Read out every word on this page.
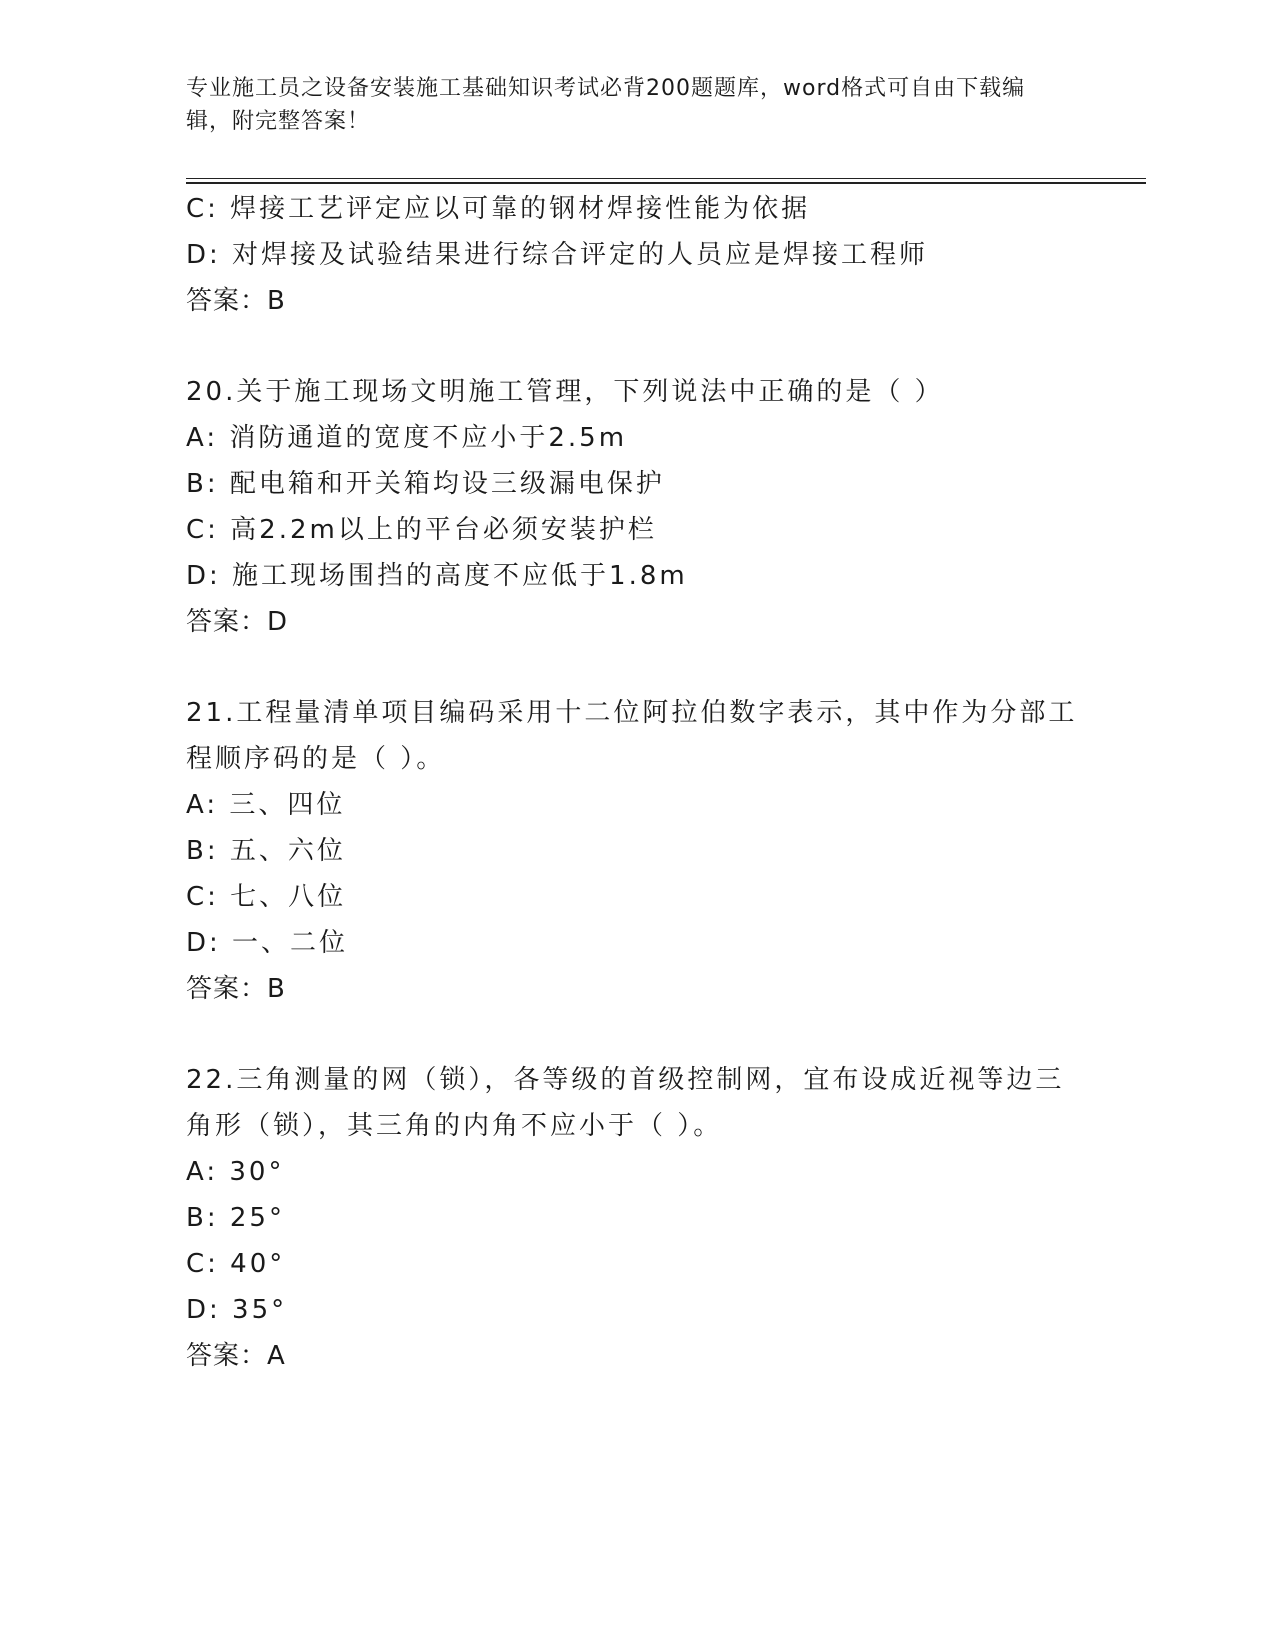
专业施工员之设备安装施工基础知识考试必背200题题库，word格式可自由下载编辑，附完整答案！
C: 焊接工艺评定应以可靠的钢材焊接性能为依据
D: 对焊接及试验结果进行综合评定的人员应是焊接工程师
答案：B
20.关于施工现场文明施工管理，下列说法中正确的是（ ）
A: 消防通道的宽度不应小于2.5m
B: 配电箱和开关箱均设三级漏电保护
C: 高2.2m以上的平台必须安装护栏
D: 施工现场围挡的高度不应低于1.8m
答案：D
21.工程量清单项目编码采用十二位阿拉伯数字表示，其中作为分部工程顺序码的是（ ）。
A: 三、四位
B: 五、六位
C: 七、八位
D: 一、二位
答案：B
22.三角测量的网（锁），各等级的首级控制网，宜布设成近视等边三角形（锁），其三角的内角不应小于（ ）。
A: 30°
B: 25°
C: 40°
D: 35°
答案：A
